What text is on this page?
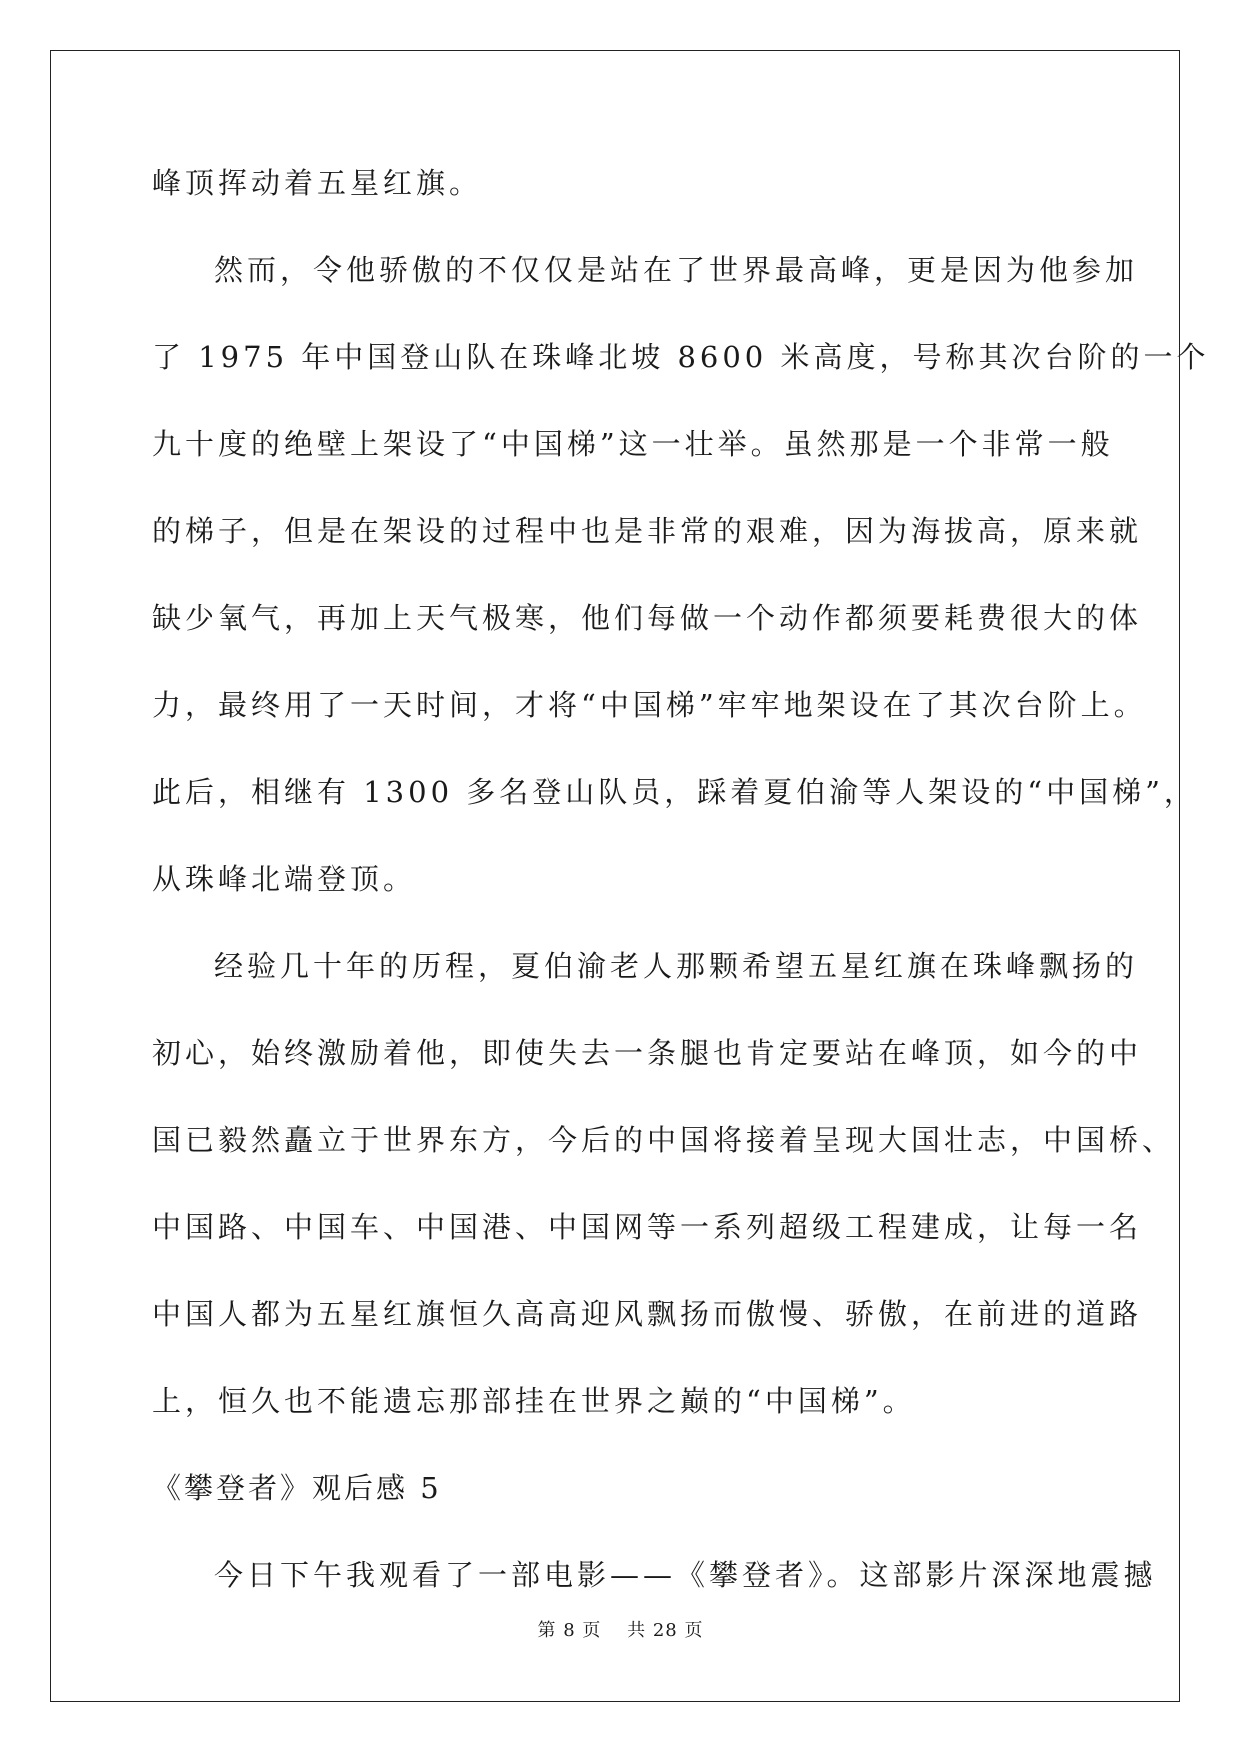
峰顶挥动着五星红旗。
然而，令他骄傲的不仅仅是站在了世界最高峰，更是因为他参加
了 1975 年中国登山队在珠峰北坡 8600 米高度，号称其次台阶的一个
九十度的绝壁上架设了“中国梯”这一壮举。虽然那是一个非常一般
的梯子，但是在架设的过程中也是非常的艰难，因为海拔高，原来就
缺少氧气，再加上天气极寒，他们每做一个动作都须要耗费很大的体
力，最终用了一天时间，才将“中国梯”牢牢地架设在了其次台阶上。
此后，相继有 1300 多名登山队员，踩着夏伯渝等人架设的“中国梯”，
从珠峰北端登顶。
经验几十年的历程，夏伯渝老人那颗希望五星红旗在珠峰飘扬的
初心，始终激励着他，即使失去一条腿也肯定要站在峰顶，如今的中
国已毅然矗立于世界东方，今后的中国将接着呈现大国壮志，中国桥、
中国路、中国车、中国港、中国网等一系列超级工程建成，让每一名
中国人都为五星红旗恒久高高迎风飘扬而傲慢、骄傲，在前进的道路
上，恒久也不能遗忘那部挂在世界之巅的“中国梯”。
《攀登者》观后感 5
今日下午我观看了一部电影——《攀登者》。这部影片深深地震撼
第 8 页　 共 28 页
